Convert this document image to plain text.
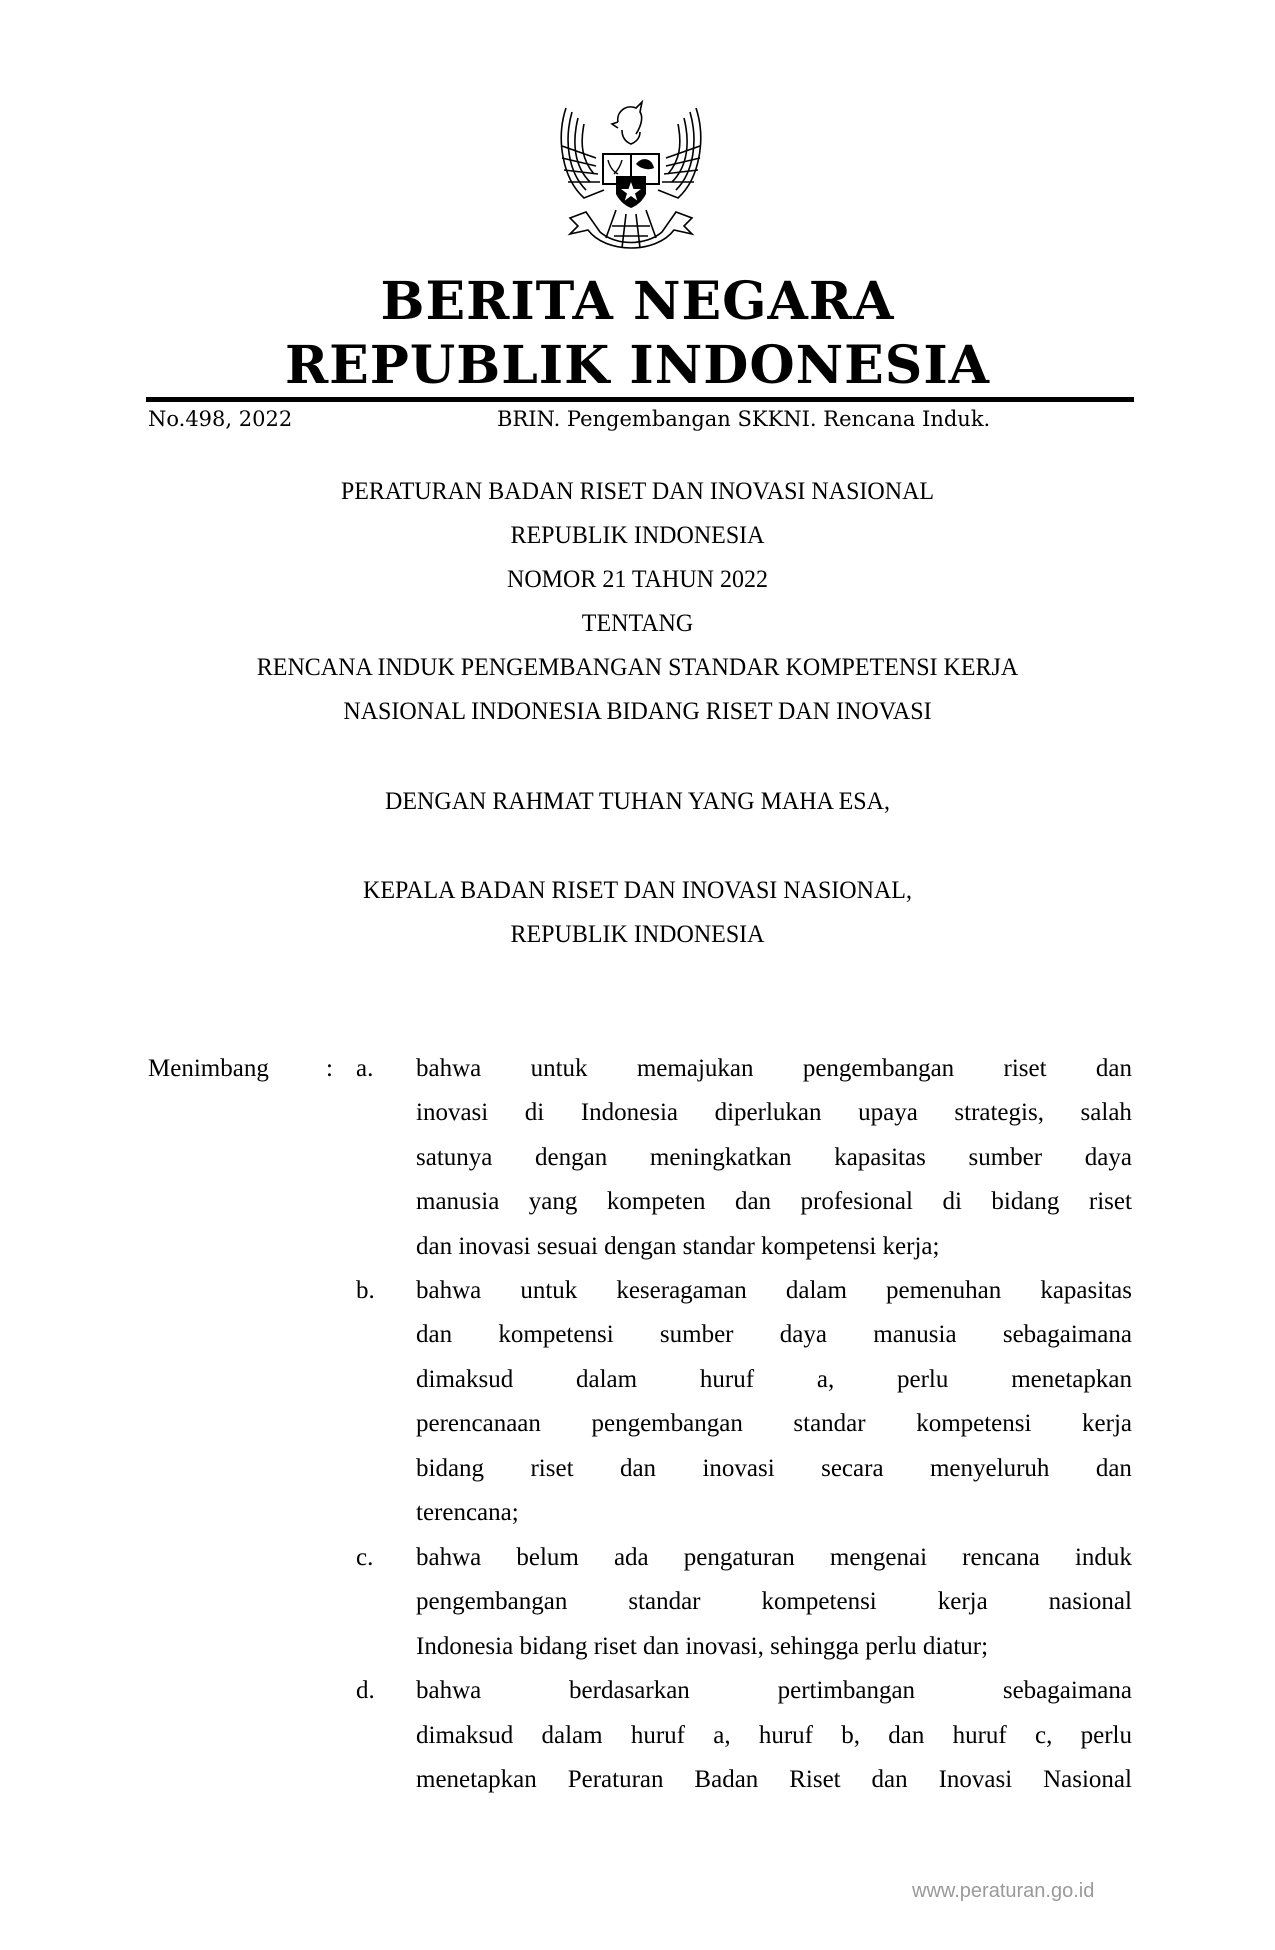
BERITA NEGARA
REPUBLIK INDONESIA
No.498, 2022	BRIN. Pengembangan SKKNI. Rencana Induk.
PERATURAN BADAN RISET DAN INOVASI NASIONAL
REPUBLIK INDONESIA
NOMOR 21 TAHUN 2022
TENTANG
RENCANA INDUK PENGEMBANGAN STANDAR KOMPETENSI KERJA
NASIONAL INDONESIA BIDANG RISET DAN INOVASI
DENGAN RAHMAT TUHAN YANG MAHA ESA,
KEPALA BADAN RISET DAN INOVASI NASIONAL,
REPUBLIK INDONESIA
Menimbang : a. bahwa untuk memajukan pengembangan riset dan
inovasi di Indonesia diperlukan upaya strategis, salah
satunya dengan meningkatkan kapasitas sumber daya
manusia yang kompeten dan profesional di bidang riset
dan inovasi sesuai dengan standar kompetensi kerja;
b. bahwa untuk keseragaman dalam pemenuhan kapasitas
dan kompetensi sumber daya manusia sebagaimana
dimaksud	dalam	huruf	a,	perlu	menetapkan
perencanaan pengembangan standar kompetensi kerja
bidang riset dan inovasi secara menyeluruh dan
terencana;
c. bahwa belum ada pengaturan mengenai rencana induk
pengembangan standar kompetensi kerja nasional
Indonesia bidang riset dan inovasi, sehingga perlu diatur;
d. bahwa	berdasarkan	pertimbangan	sebagaimana
dimaksud dalam huruf a, huruf b, dan huruf c, perlu
menetapkan Peraturan Badan Riset dan Inovasi Nasional
www.peraturan.go.id
